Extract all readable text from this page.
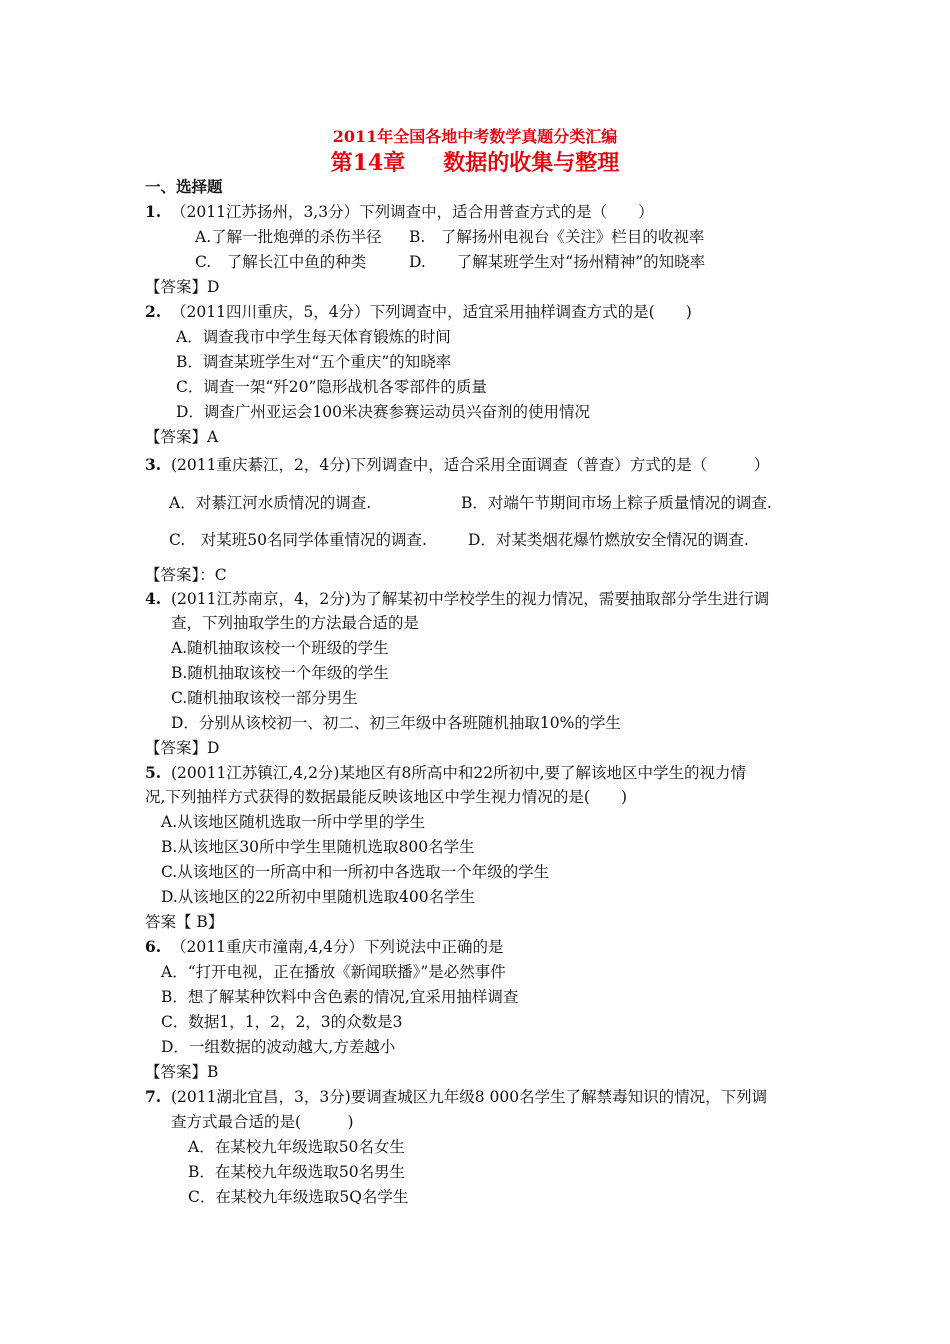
2011年全国各地中考数学真题分类汇编
第14章 数据的收集与整理
一、选择题
1. （2011江苏扬州，3,3分）下列调查中，适合用普查方式的是（　　）
A.了解一批炮弹的杀伤半径 B.　了解扬州电视台《关注》栏目的收视率
C.　了解长江中鱼的种类	D.　　了解某班学生对“扬州精神”的知晓率
【答案】D
2. （2011四川重庆，5，4分）下列调查中，适宜采用抽样调查方式的是(　　)
A．调查我市中学生每天体育锻炼的时间
B．调查某班学生对“五个重庆”的知晓率
C．调查一架“歼20”隐形战机各零部件的质量
D．调查广州亚运会100米决赛参赛运动员兴奋剂的使用情况
【答案】A
3. (2011重庆綦江，2，4分)下列调查中，适合采用全面调查（普查）方式的是（　　　）
A．对綦江河水质情况的调查.	B．对端午节期间市场上粽子质量情况的调查.
C.　对某班50名同学体重情况的调查.	D．对某类烟花爆竹燃放安全情况的调查.
【答案】：C
4. (2011江苏南京，4，2分)为了解某初中学校学生的视力情况，需要抽取部分学生进行调
查，下列抽取学生的方法最合适的是
A.随机抽取该校一个班级的学生
B.随机抽取该校一个年级的学生
C.随机抽取该校一部分男生
D．分别从该校初一、初二、初三年级中各班随机抽取10%的学生
【答案】D
5. (20011江苏镇江,4,2分)某地区有8所高中和22所初中,要了解该地区中学生的视力情
况,下列抽样方式获得的数据最能反映该地区中学生视力情况的是(　　)
A.从该地区随机选取一所中学里的学生
B.从该地区30所中学生里随机选取800名学生
C.从该地区的一所高中和一所初中各选取一个年级的学生
D.从该地区的22所初中里随机选取400名学生
答案【 B】
6. （2011重庆市潼南,4,4分）下列说法中正确的是
A．“打开电视，正在播放《新闻联播》”是必然事件
B．想了解某种饮料中含色素的情况,宜采用抽样调查
C．数据1，1，2，2，3的众数是3
D．一组数据的波动越大,方差越小
【答案】B
7. (2011湖北宜昌，3，3分)要调查城区九年级8 000名学生了解禁毒知识的情况，下列调
查方式最合适的是(　　　)
A．在某校九年级选取50名女生
B．在某校九年级选取50名男生
C．在某校九年级选取5Q名学生
